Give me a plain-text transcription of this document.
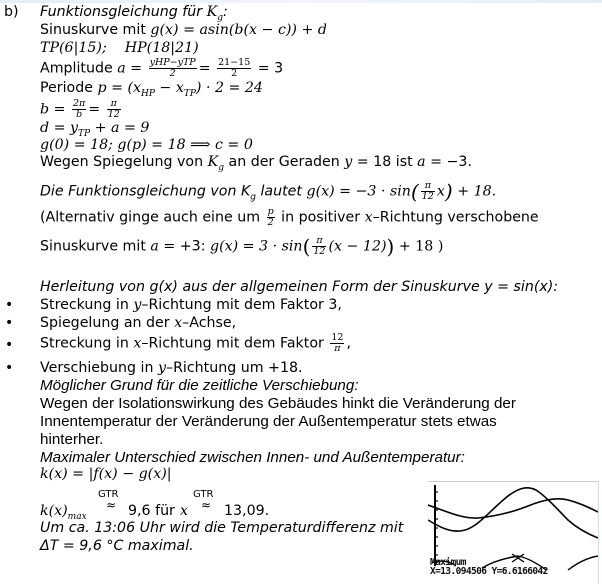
b) Funktionsgleichung für $K_g$:
Sinuskurve mit g(x) = asin(b(x − c)) + d
TP(6|15); HP(18|21)
Amplitude $a = \frac{\text{yHP−yTP}}{2} = \frac{21-15}{2} = 3$
Periode $p = (x_{HP} - x_{TP}) \cdot 2 = 24$
$b = \frac{2\pi}{b} = \frac{\pi}{12}$
$d = y_{TP} + a = 9$
g(0) = 18; g(p) = 18 ⟹ c = 0
Wegen Spiegelung von $K_g$ an der Geraden y = 18 ist a = −3.
Die Funktionsgleichung von $K_g$ lautet $g(x) = -3 \cdot \sin( \frac{\pi}{12} x) + 18$.
(Alternativ ginge auch eine um $\frac{p}{2}$ in positiver x–Richtung verschobene
Sinuskurve mit a = +3: $g(x) = 3 \cdot \sin( \frac{\pi}{12} (x - 12)) + 18$ )
Herleitung von g(x) aus der allgemeinen Form der Sinuskurve y = sin(x):
• Streckung in y–Richtung mit dem Faktor 3,
• Spiegelung an der x–Achse,
• Streckung in x–Richtung mit dem Faktor $\frac{12}{\pi}$ ,
• Verschiebung in y–Richtung um +18.
Möglicher Grund für die zeitliche Verschiebung:
Wegen der Isolationswirkung des Gebäudes hinkt die Veränderung der
Innentemperatur der Veränderung der Außentemperatur stets etwas
hinterher.
Maximaler Unterschied zwischen Innen- und Außentemperatur:
k(x) = |f(x) − g(x)|
GTR	GTR
≈	≈
$k(x)_{max}$	9,6 für x	13,09.
Um ca. 13:06 Uhr wird die Temperaturdifferenz mit
ΔT = 9,6 °C maximal.
Maximum
X=13.094506 Y=6.6166042
